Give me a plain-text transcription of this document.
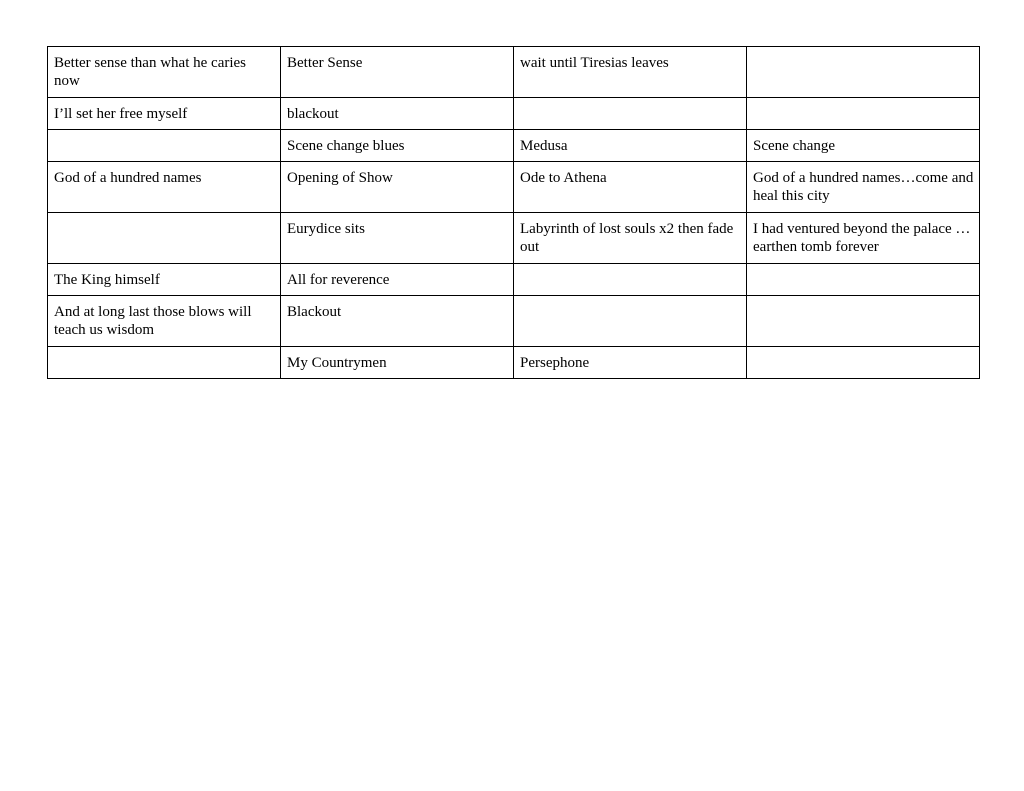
Better sense than what he caries now	Better Sense	wait until Tiresias leaves	
I’ll set her free myself	blackout		
	Scene change blues	Medusa	Scene change
God of a hundred names	Opening of Show	Ode to Athena	God of a hundred names…come and heal this city
	Eurydice sits	Labyrinth of lost souls x2 then fade out	I had ventured beyond the palace … earthen tomb forever
The King himself	All for reverence		
And at long last those blows will teach us wisdom	Blackout		
	My Countrymen	Persephone	
